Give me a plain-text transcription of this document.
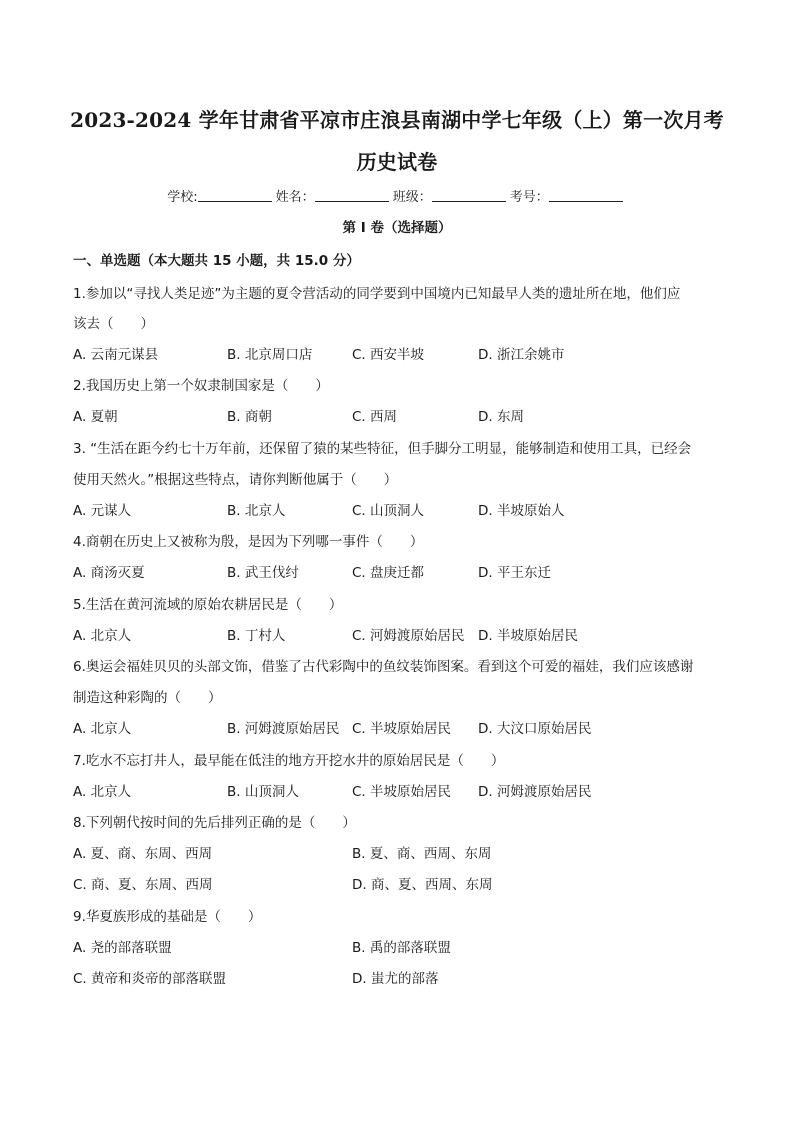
2023-2024 学年甘肃省平凉市庄浪县南湖中学七年级（上）第一次月考
历史试卷
学校:	姓名：	班级：	考号：
第 I 卷（选择题）
一、单选题（本大题共 15 小题，共 15.0 分）
1.参加以“寻找人类足迹”为主题的夏令营活动的同学要到中国境内已知最早人类的遗址所在地，他们应
该去（　　）
A. 云南元谋县	B. 北京周口店	C. 西安半坡	D. 浙江余姚市
2.我国历史上第一个奴隶制国家是（　　）
A. 夏朝	B. 商朝	C. 西周	D. 东周
3. “生活在距今约七十万年前，还保留了猿的某些特征，但手脚分工明显，能够制造和使用工具，已经会
使用天然火。”根据这些特点，请你判断他属于（　　）
A. 元谋人	B. 北京人	C. 山顶洞人	D. 半坡原始人
4.商朝在历史上又被称为殷，是因为下列哪一事件（　　）
A. 商汤灭夏	B. 武王伐纣	C. 盘庚迁都	D. 平王东迁
5.生活在黄河流域的原始农耕居民是（　　）
A. 北京人	B. 丁村人	C. 河姆渡原始居民 D. 半坡原始居民
6.奥运会福娃贝贝的头部文饰，借鉴了古代彩陶中的鱼纹装饰图案。看到这个可爱的福娃，我们应该感谢
制造这种彩陶的（　　）
A. 北京人	B. 河姆渡原始居民 C. 半坡原始居民 D. 大汶口原始居民
7.吃水不忘打井人，最早能在低洼的地方开挖水井的原始居民是（　　）
A. 北京人	B. 山顶洞人	C. 半坡原始居民 D. 河姆渡原始居民
8.下列朝代按时间的先后排列正确的是（　　）
A. 夏、商、东周、西周	B. 夏、商、西周、东周
C. 商、夏、东周、西周	D. 商、夏、西周、东周
9.华夏族形成的基础是（　　）
A. 尧的部落联盟	B. 禹的部落联盟
C. 黄帝和炎帝的部落联盟	D. 蚩尤的部落
